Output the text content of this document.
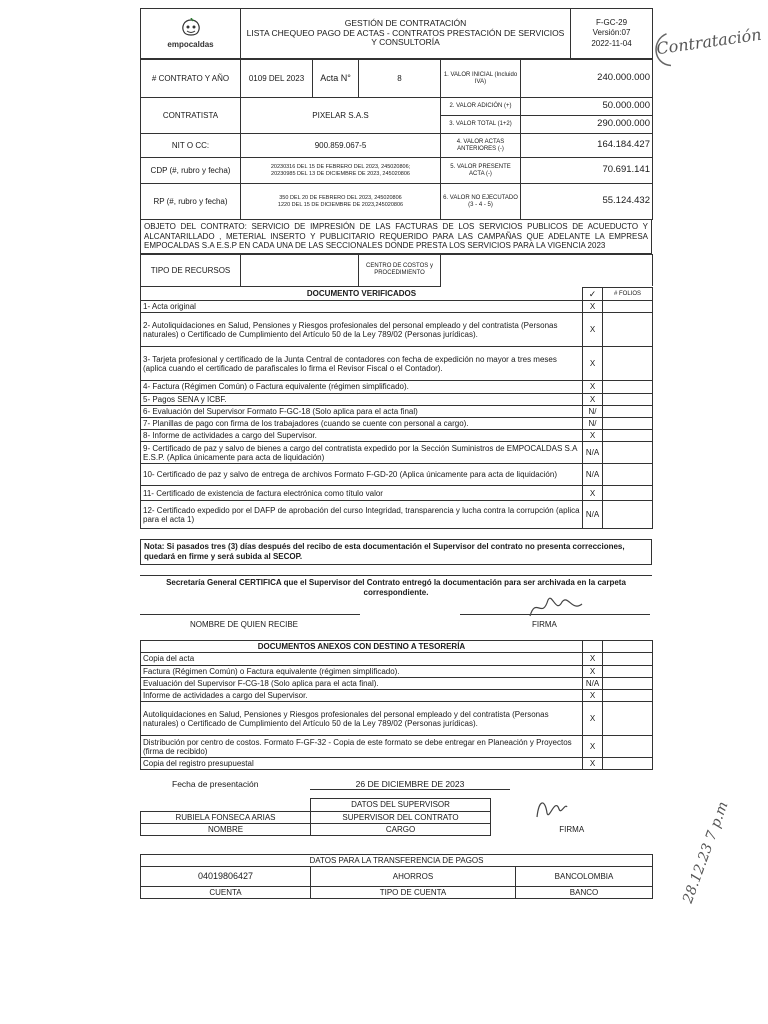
Contratación
28.12.23 7 p.m
empocaldas

GESTIÓN DE CONTRATACIÓN
LISTA CHEQUEO PAGO DE ACTAS - CONTRATOS PRESTACIÓN DE SERVICIOS Y CONSULTORÍA

F-GC-29
Versión:07
2022-11-04
# CONTRATO Y AÑO	0109 DEL 2023	Acta N°	8	1. VALOR INICIAL (Incluido IVA)	240.000.000
CONTRATISTA	PIXELAR S.A.S			2. VALOR ADICIÓN (+)	50.000.000
				3. VALOR TOTAL (1+2)	290.000.000
NIT O CC:	900.859.067-5			4. VALOR ACTAS ANTERIORES (-)	164.184.427
CDP (#, rubro y fecha)	20230316 DEL 15 DE FEBRERO DEL 2023, 245020806;
20230985 DEL 13 DE DICIEMBRE DE 2023, 245020806			5. VALOR PRESENTE ACTA (-)	70.691.141
RP (#, rubro y fecha)	350 DEL 20 DE FEBRERO DEL 2023, 245020806
1220 DEL 15 DE DICIEMBRE DE 2023,245020806			6. VALOR NO EJECUTADO (3 - 4 - 5)	55.124.432
OBJETO DEL CONTRATO: SERVICIO DE IMPRESIÓN DE LAS FACTURAS DE LOS SERVICIOS PUBLICOS DE ACUEDUCTO Y ALCANTARILLADO , METERIAL INSERTO Y PUBLICITARIO REQUERIDO PARA LAS CAMPAÑAS QUE ADELANTE LA EMPRESA EMPOCALDAS S.A E.S.P EN CADA UNA DE LAS SECCIONALES DONDE PRESTA LOS SERVICIOS PARA LA VIGENCIA 2023
TIPO DE RECURSOS		CENTRO DE COSTOS y PROCEDIMIENTO	
DOCUMENTO VERIFICADOS	✓	# FOLIOS
1- Acta original	X	
2- Autoliquidaciones en Salud, Pensiones y Riesgos profesionales del personal empleado y del contratista (Personas naturales) o Certificado de Cumplimiento del Artículo 50 de la Ley 789/02 (Personas jurídicas).	X	
3- Tarjeta profesional y certificado de la Junta Central de contadores con fecha de expedición no mayor a tres meses (aplica cuando el certificado de parafiscales lo firma el Revisor Fiscal o el Contador).	X	
4- Factura (Régimen Común) o Factura equivalente (régimen simplificado).	X	
5- Pagos SENA y ICBF.	X	
6- Evaluación del Supervisor Formato F-GC-18 (Solo aplica para el acta final)	N/	
7- Planillas de pago con firma de los trabajadores (cuando se cuente con personal a cargo).	N/	
8- Informe de actividades a cargo del Supervisor.	X	
9- Certificado de paz y salvo de bienes a cargo del contratista expedido por la Sección Suministros de EMPOCALDAS S.A E.S.P. (Aplica únicamente para acta de liquidación)	N/A	
10- Certificado de paz y salvo de entrega de archivos Formato F-GD-20 (Aplica únicamente para acta de liquidación)	N/A	
11- Certificado de existencia de factura electrónica como título valor	X	
12- Certificado expedido por el DAFP de aprobación del curso Integridad, transparencia y lucha contra la corrupción (aplica para el acta 1)	N/A	
Nota: Si pasados tres (3) días después del recibo de esta documentación el Supervisor del contrato no presenta correcciones, quedará en firme y será subida al SECOP.
Secretaría General CERTIFICA que el Supervisor del Contrato entregó la documentación para ser archivada en la carpeta correspondiente.
NOMBRE DE QUIEN RECIBE	FIRMA
DOCUMENTOS ANEXOS CON DESTINO A TESORERÍA		
Copia del acta	X	
Factura (Régimen Común) o Factura equivalente (régimen simplificado).	X	
Evaluación del Supervisor F-CG-18 (Solo aplica para el acta final).	N/A	
Informe de actividades a cargo del Supervisor.	X	
Autoliquidaciones en Salud, Pensiones y Riesgos profesionales del personal empleado y del contratista (Personas naturales) o Certificado de Cumplimiento del Artículo 50 de la Ley 789/02 (Personas jurídicas).	X	
Distribución por centro de costos. Formato F-GF-32 - Copia de este formato se debe entregar en Planeación y Proyectos (firma de recibido)	X	
Copia del registro presupuestal	X	
Fecha de presentación	26 DE DICIEMBRE DE 2023
	DATOS DEL SUPERVISOR	
RUBIELA FONSECA ARIAS	SUPERVISOR DEL CONTRATO	FIRMA

NOMBRE	CARGO	
DATOS PARA LA TRANSFERENCIA DE PAGOS		
04019806427	AHORROS	BANCOLOMBIA
CUENTA	TIPO DE CUENTA	BANCO
